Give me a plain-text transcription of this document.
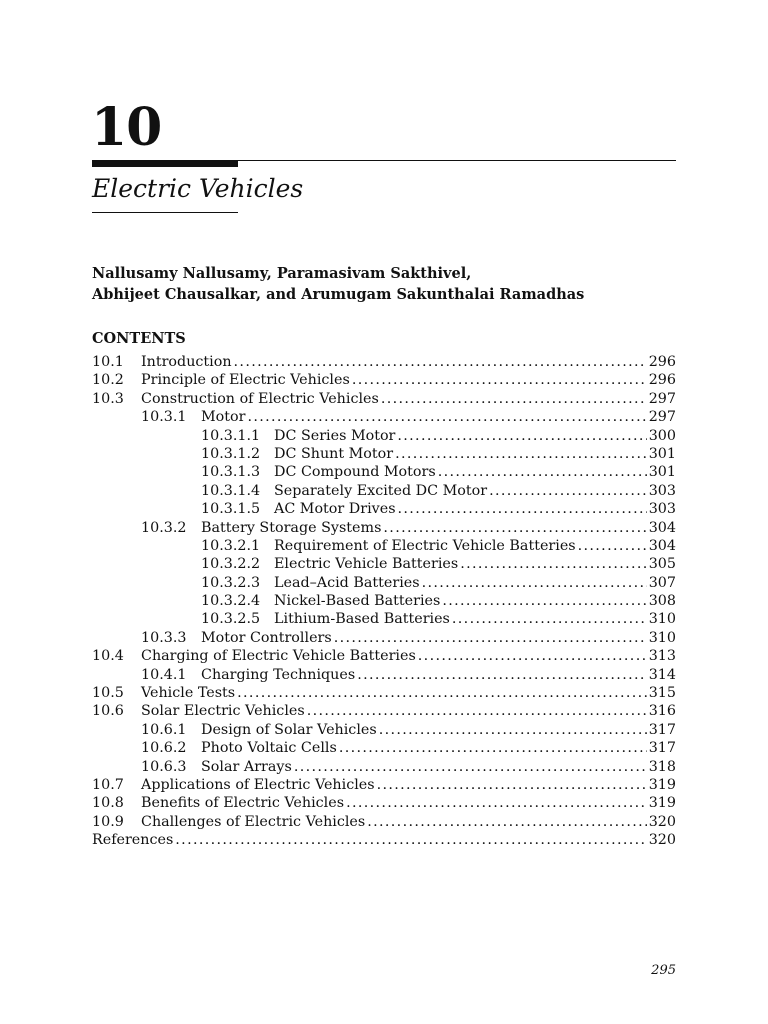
10
Electric Vehicles
Nallusamy Nallusamy, Paramasivam Sakthivel,
Abhijeet Chausalkar, and Arumugam Sakunthalai Ramadhas
CONTENTS
10.1 Introduction . . .	296
10.2 Principle of Electric Vehicles . . .	296
10.3 Construction of Electric Vehicles . . .	297
10.3.1 Motor . . .	297
10.3.1.1 DC Series Motor . . .	300
10.3.1.2 DC Shunt Motor . . .	301
10.3.1.3 DC Compound Motors . . .	301
10.3.1.4 Separately Excited DC Motor . . .	303
10.3.1.5 AC Motor Drives . . .	303
10.3.2 Battery Storage Systems . . .	304
10.3.2.1 Requirement of Electric Vehicle Batteries . . .	304
10.3.2.2 Electric Vehicle Batteries . . .	305
10.3.2.3 Lead–Acid Batteries . . .	307
10.3.2.4 Nickel-Based Batteries . . .	308
10.3.2.5 Lithium-Based Batteries . . .	310
10.3.3 Motor Controllers . . .	310
10.4 Charging of Electric Vehicle Batteries . . .	313
10.4.1 Charging Techniques . . .	314
10.5 Vehicle Tests . . .	315
10.6 Solar Electric Vehicles . . .	316
10.6.1 Design of Solar Vehicles . . .	317
10.6.2 Photo Voltaic Cells . . .	317
10.6.3 Solar Arrays . . .	318
10.7 Applications of Electric Vehicles . . .	319
10.8 Benefits of Electric Vehicles . . .	319
10.9 Challenges of Electric Vehicles . . .	320
References . . .	320
295
